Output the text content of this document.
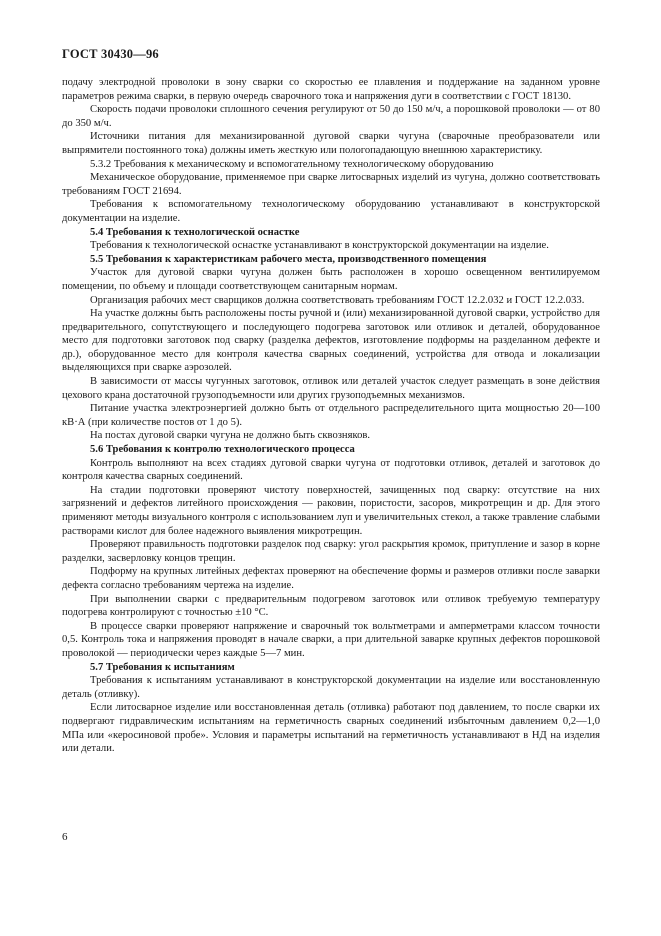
ГОСТ 30430—96

подачу электродной проволоки в зону сварки со скоростью ее плавления и поддержание на заданном уровне параметров режима сварки, в первую очередь сварочного тока и напряжения дуги в соответствии с ГОСТ 18130.

Скорость подачи проволоки сплошного сечения регулируют от 50 до 150 м/ч, а порошковой проволоки — от 80 до 350 м/ч.

Источники питания для механизированной дуговой сварки чугуна (сварочные преобразователи или выпрямители постоянного тока) должны иметь жесткую или пологопадающую внешнюю характеристику.

5.3.2 Требования к механическому и вспомогательному технологическому оборудованию

Механическое оборудование, применяемое при сварке литосварных изделий из чугуна, должно соответствовать требованиям ГОСТ 21694.

Требования к вспомогательному технологическому оборудованию устанавливают в конструкторской документации на изделие.

5.4 Требования к технологической оснастке

Требования к технологической оснастке устанавливают в конструкторской документации на изделие.

5.5 Требования к характеристикам рабочего места, производственного помещения

Участок для дуговой сварки чугуна должен быть расположен в хорошо освещенном вентилируемом помещении, по объему и площади соответствующем санитарным нормам.

Организация рабочих мест сварщиков должна соответствовать требованиям ГОСТ 12.2.032 и ГОСТ 12.2.033.

На участке должны быть расположены посты ручной и (или) механизированной дуговой сварки, устройство для предварительного, сопутствующего и последующего подогрева заготовок или отливок и деталей, оборудованное место для подготовки заготовок под сварку (разделка дефектов, изготовление подформы на разделанном дефекте и др.), оборудованное место для контроля качества сварных соединений, устройства для отвода и локализации выделяющихся при сварке аэрозолей.

В зависимости от массы чугунных заготовок, отливок или деталей участок следует размещать в зоне действия цехового крана достаточной грузоподъемности или других грузоподъемных механизмов.

Питание участка электроэнергией должно быть от отдельного распределительного щита мощностью 20—100 кВ·А (при количестве постов от 1 до 5).

На постах дуговой сварки чугуна не должно быть сквозняков.

5.6 Требования к контролю технологического процесса

Контроль выполняют на всех стадиях дуговой сварки чугуна от подготовки отливок, деталей и заготовок до контроля качества сварных соединений.

На стадии подготовки проверяют чистоту поверхностей, зачищенных под сварку: отсутствие на них загрязнений и дефектов литейного происхождения — раковин, пористости, засоров, микротрещин и др. Для этого применяют методы визуального контроля с использованием луп и увеличительных стекол, а также травление слабыми растворами кислот для более надежного выявления микротрещин.

Проверяют правильность подготовки разделок под сварку: угол раскрытия кромок, притупление и зазор в корне разделки, засверловку концов трещин.

Подформу на крупных литейных дефектах проверяют на обеспечение формы и размеров отливки после заварки дефекта согласно требованиям чертежа на изделие.

При выполнении сварки с предварительным подогревом заготовок или отливок требуемую температуру подогрева контролируют с точностью ±10 °С.

В процессе сварки проверяют напряжение и сварочный ток вольтметрами и амперметрами классом точности 0,5. Контроль тока и напряжения проводят в начале сварки, а при длительной заварке крупных дефектов порошковой проволокой — периодически через каждые 5—7 мин.

5.7 Требования к испытаниям

Требования к испытаниям устанавливают в конструкторской документации на изделие или восстановленную деталь (отливку).

Если литосварное изделие или восстановленная деталь (отливка) работают под давлением, то после сварки их подвергают гидравлическим испытаниям на герметичность сварных соединений избыточным давлением 0,2—1,0 МПа или «керосиновой пробе». Условия и параметры испытаний на герметичность устанавливают в НД на изделия или детали.

6
